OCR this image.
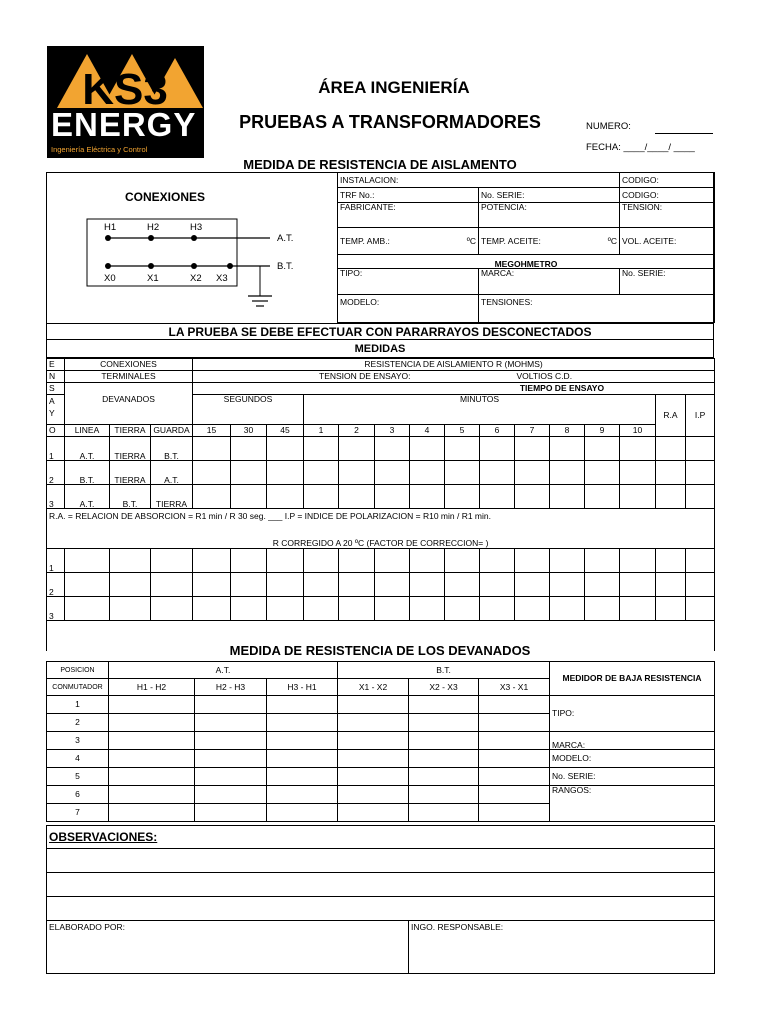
KS3
ENERGY
Ingeniería Eléctrica y Control
ÁREA INGENIERÍA
PRUEBAS A TRANSFORMADORES	NUMERO:
FECHA: ____/____/ ____
MEDIDA DE RESISTENCIA DE AISLAMENTO
CONEXIONES
H1	H2	H3
A.T.
B.T.
X0	X1	X2 X3
INSTALACION:		CODIGO:
TRF No.:	No. SERIE:	CODIGO:
FABRICANTE:	POTENCIA:	TENSION:
TEMP. AMB.: ºC	TEMP. ACEITE: ºC	VOL. ACEITE:
MEGOHMETRO		
TIPO:	MARCA:	No. SERIE:
MODELO:	TENSIONES:	
LA PRUEBA SE DEBE EFECTUAR CON PARARRAYOS DESCONECTADOS
MEDIDAS
E	CONEXIONES			RESISTENCIA DE AISLAMIENTO R (MOHMS)														
N	TERMINALES			TENSION DE ENSAYO: VOLTIOS C.D.														
S				TIEMPO DE ENSAYO														
A
Y	DEVANADOS			SEGUNDOS			MINUTOS										R.A	I.P
O	LINEA	TIERRA	GUARDA	15	30	45	1	2	3	4	5	6	7	8	9	10		
1	A.T.	TIERRA	B.T.															
2	B.T.	TIERRA	A.T.															
3	A.T.	B.T.	TIERRA															
R.A. = RELACION DE ABSORCION = R1 min / R 30 seg. ___ I.P = INDICE DE POLARIZACION = R10 min / R1 min.																		
R CORREGIDO A 20 ºC (FACTOR DE CORRECCION= )																		
1																		
2																		
3																		

MEDIDA DE RESISTENCIA DE LOS DEVANADOS
POSICION	A.T.			B.T.			MEDIDOR DE BAJA RESISTENCIA
CONMUTADOR	H1 - H2	H2 - H3	H3 - H1	X1 - X2	X2 - X3	X3 - X1	
1							TIPO:
2							
3							MARCA:
4							MODELO:
5							No. SERIE:
6							RANGOS:
7							
OBSERVACIONES:

ELABORADO POR:	INGO. RESPONSABLE:
